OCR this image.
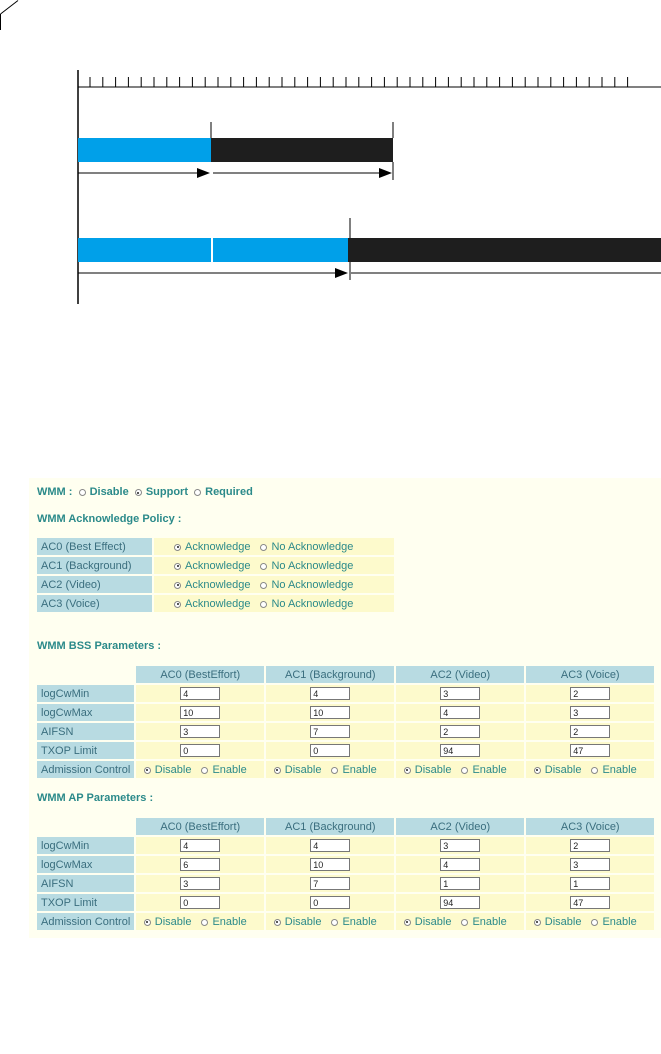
WMM : Disable Support Required
WMM Acknowledge Policy :
AC0 (Best Effect)	Acknowledge No Acknowledge
AC1 (Background)	Acknowledge No Acknowledge
AC2 (Video)	Acknowledge No Acknowledge
AC3 (Voice)	Acknowledge No Acknowledge
WMM BSS Parameters :
	AC0 (BestEffort)	AC1 (Background)	AC2 (Video)	AC3 (Voice)
logCwMin	4	4	3	2
logCwMax	10	10	4	3
AIFSN	3	7	2	2
TXOP Limit	0	0	94	47
Admission Control	Disable Enable	Disable Enable	Disable Enable	Disable Enable
WMM AP Parameters :
	AC0 (BestEffort)	AC1 (Background)	AC2 (Video)	AC3 (Voice)
logCwMin	4	4	3	2
logCwMax	6	10	4	3
AIFSN	3	7	1	1
TXOP Limit	0	0	94	47
Admission Control	Disable Enable	Disable Enable	Disable Enable	Disable Enable
